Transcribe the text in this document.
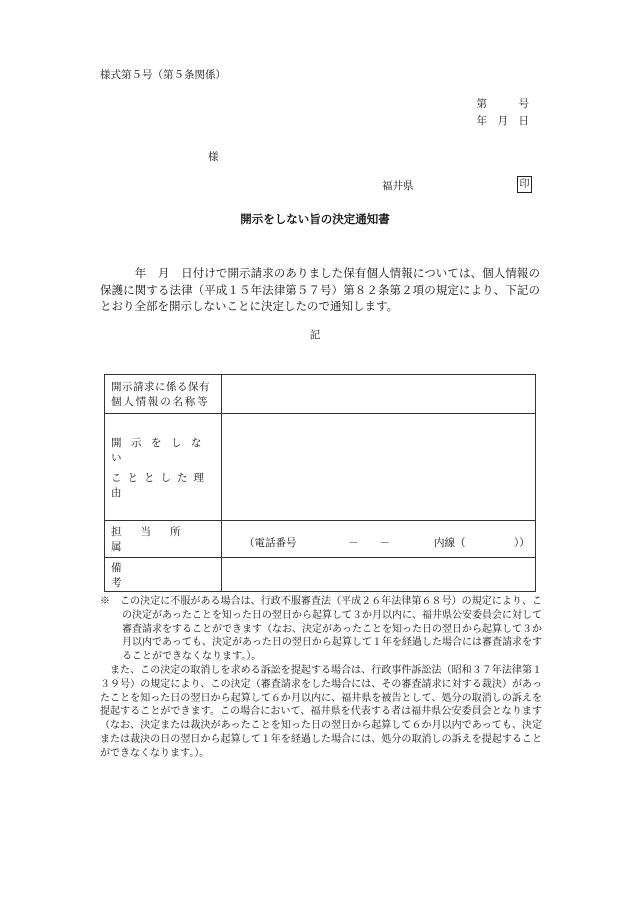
様式第５号（第５条関係）
第　　　号
年　月　日
様
福井県	印
開示をしない旨の決定通知書

　　　年　月　日付けで開示請求のありました保有個人情報については、個人情報の保護に関する法律（平成１５年法律第５７号）第８２条第２項の規定により、下記のとおり全部を開示しないことに決定したので通知します。

記
開示請求に係る保有
個人情報の名称等	

開示をしない
こととした理由	

担当所属	（電話番号 －　　－ 内線（ ））

備考	

※　この決定に不服がある場合は、行政不服審査法（平成２６年法律第６８号）の規定により、この決定があったことを知った日の翌日から起算して３か月以内に、福井県公安委員会に対して審査請求をすることができます（なお、決定があったことを知った日の翌日から起算して３か月以内であっても、決定があった日の翌日から起算して１年を経過した場合には審査請求をすることができなくなります。）。

また、この決定の取消しを求める訴訟を提起する場合は、行政事件訴訟法（昭和３７年法律第１３９号）の規定により、この決定（審査請求をした場合には、その審査請求に対する裁決）があったことを知った日の翌日から起算して６か月以内に、福井県を被告として、処分の取消しの訴えを提起することができます。この場合において、福井県を代表する者は福井県公安委員会となります（なお、決定または裁決があったことを知った日の翌日から起算して６か月以内であっても、決定または裁決の日の翌日から起算して１年を経過した場合には、処分の取消しの訴えを提起することができなくなります。）。
